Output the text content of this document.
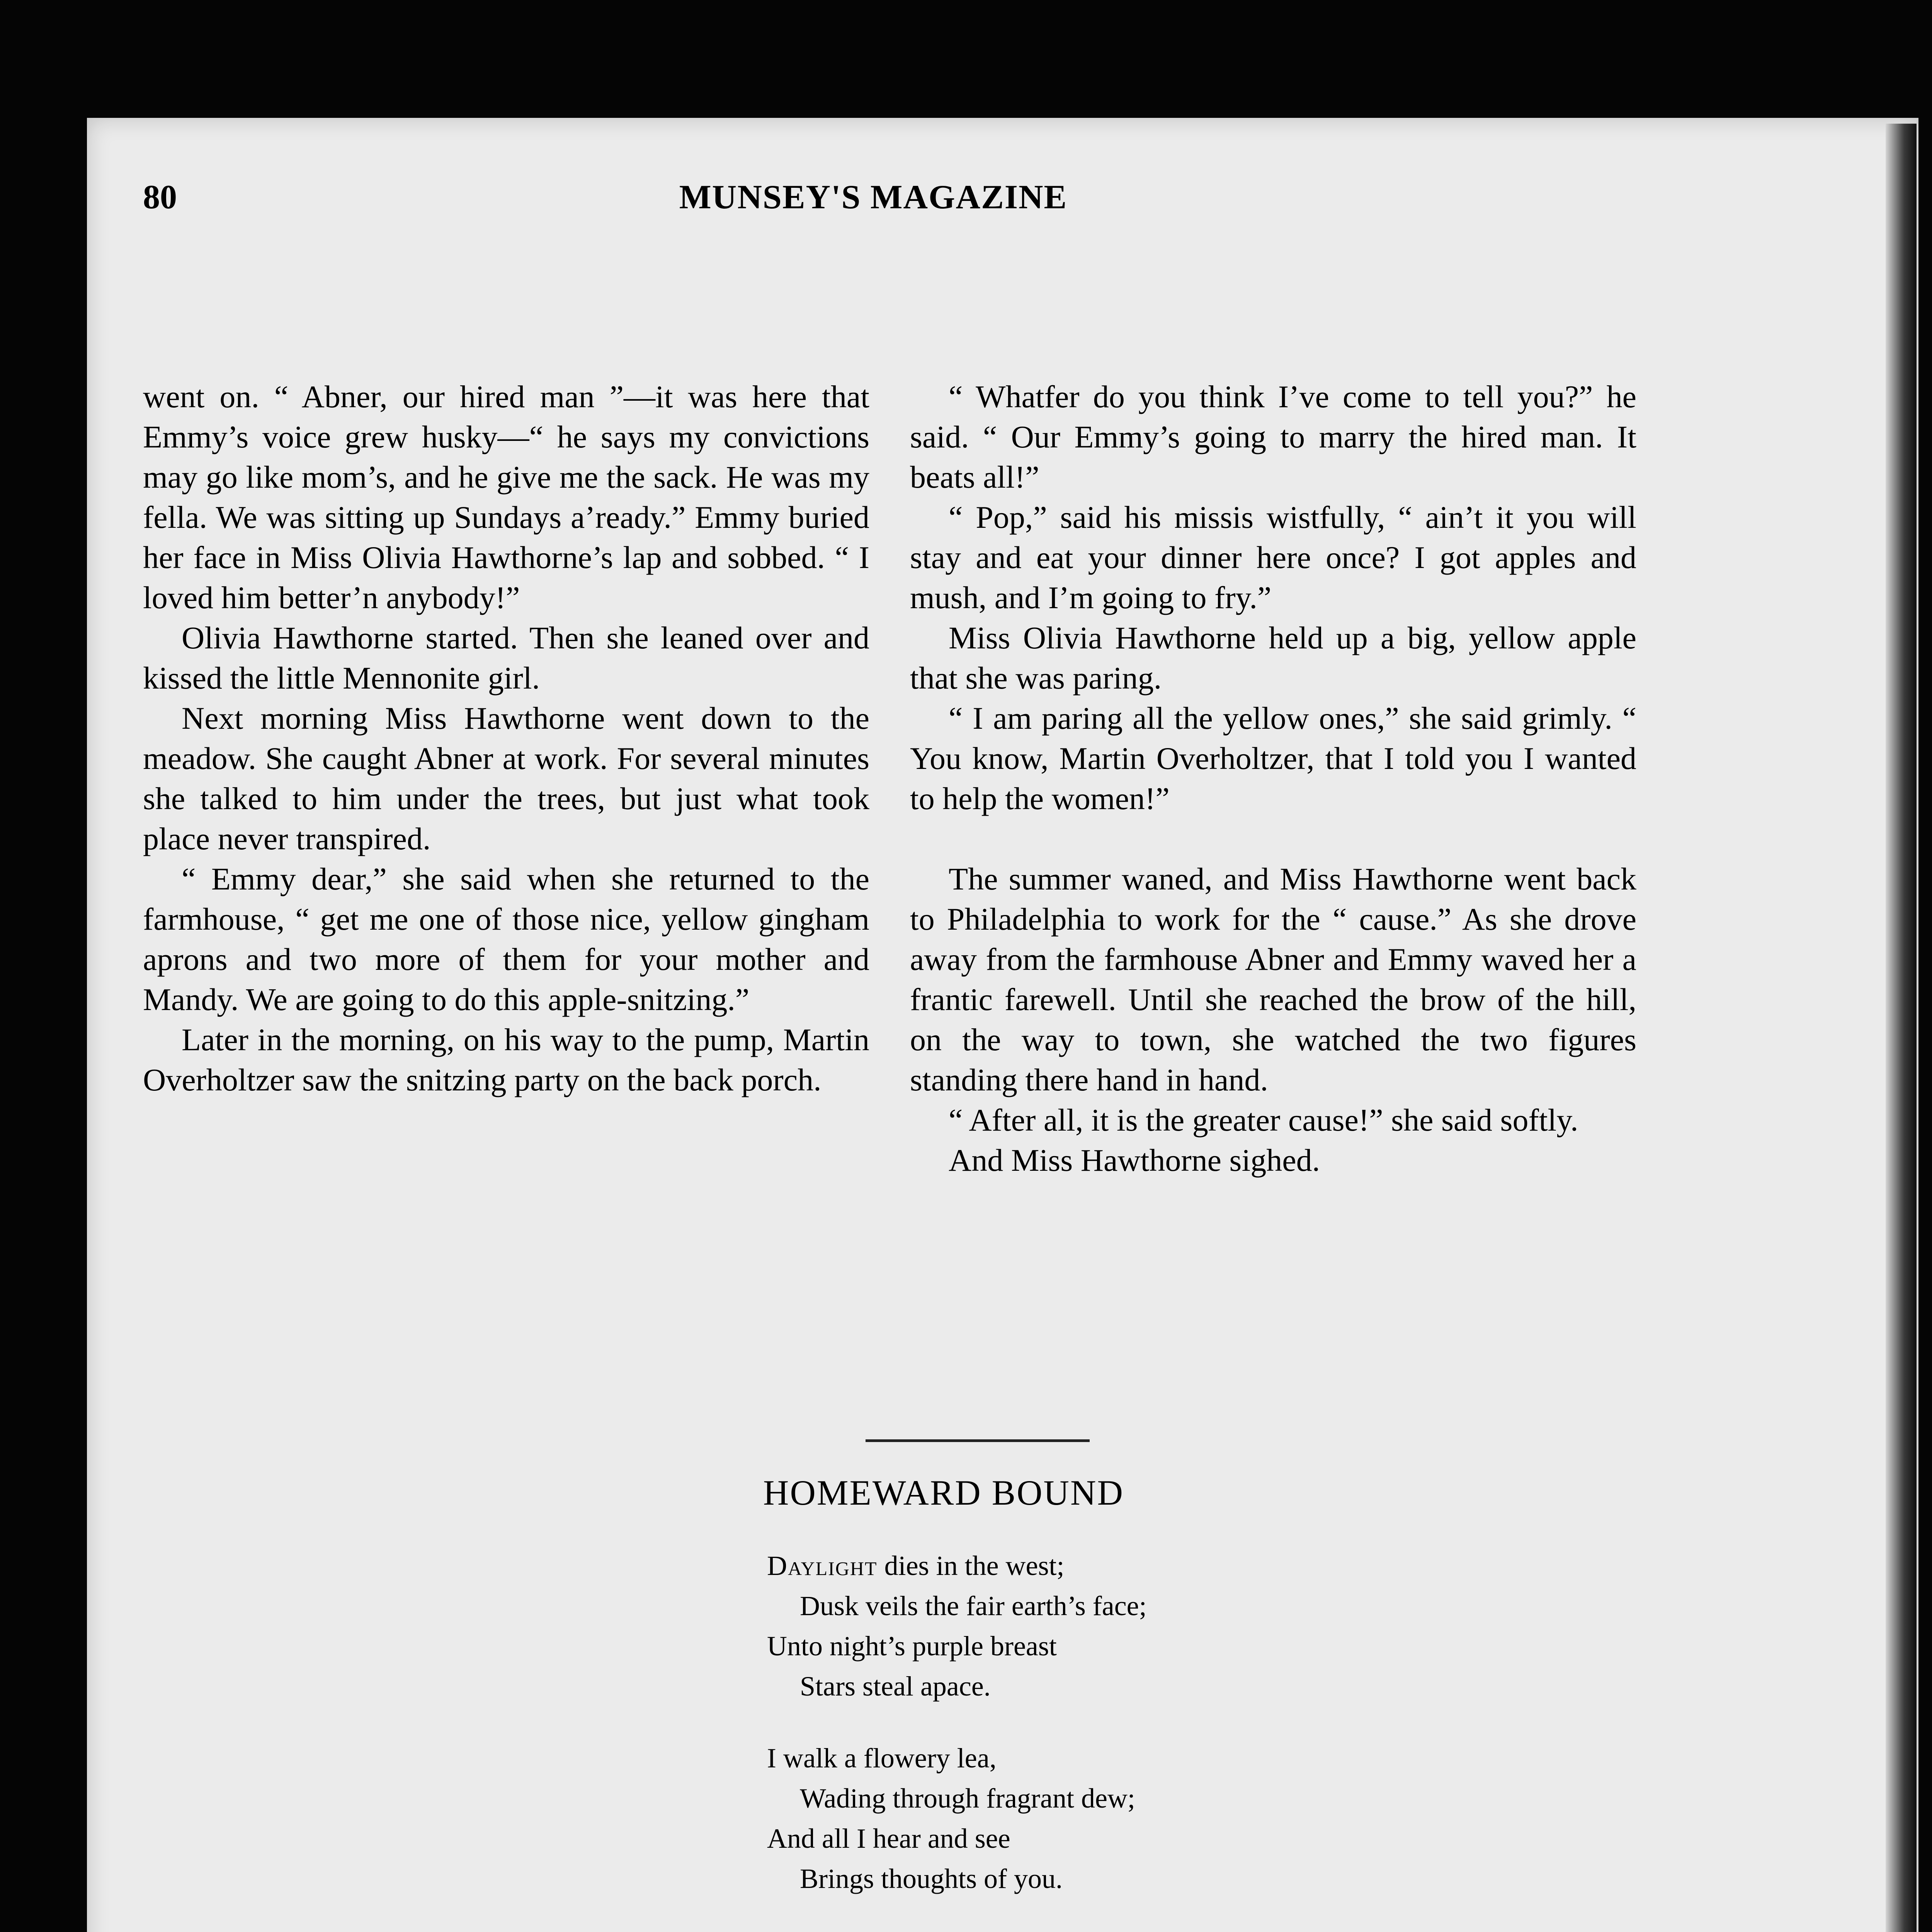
80	MUNSEY'S MAGAZINE

went on. “ Abner, our hired man ”—it was here that Emmy’s voice grew husky—“ he says my convictions may go like mom’s, and he give me the sack. He was my fella. We was sitting up Sundays a’ready.” Emmy buried her face in Miss Olivia Hawthorne’s lap and sobbed. “ I loved him better’n anybody!”

Olivia Hawthorne started. Then she leaned over and kissed the little Mennonite girl.

Next morning Miss Hawthorne went down to the meadow. She caught Abner at work. For several minutes she talked to him under the trees, but just what took place never transpired.

“ Emmy dear,” she said when she returned to the farmhouse, “ get me one of those nice, yellow gingham aprons and two more of them for your mother and Mandy. We are going to do this apple-snitzing.”

Later in the morning, on his way to the pump, Martin Overholtzer saw the snitzing party on the back porch.

“ Whatfer do you think I’ve come to tell you?” he said. “ Our Emmy’s going to marry the hired man. It beats all!”

“ Pop,” said his missis wistfully, “ ain’t it you will stay and eat your dinner here once? I got apples and mush, and I’m going to fry.”

Miss Olivia Hawthorne held up a big, yellow apple that she was paring.

“ I am paring all the yellow ones,” she said grimly. “ You know, Martin Overholtzer, that I told you I wanted to help the women!”

The summer waned, and Miss Hawthorne went back to Philadelphia to work for the “ cause.” As she drove away from the farmhouse Abner and Emmy waved her a frantic farewell. Until she reached the brow of the hill, on the way to town, she watched the two figures standing there hand in hand.

“ After all, it is the greater cause!” she said softly.

And Miss Hawthorne sighed.

HOMEWARD BOUND
Daylight dies in the west;
Dusk veils the fair earth’s face;
Unto night’s purple breast
Stars steal apace.
I walk a flowery lea,
Wading through fragrant dew;
And all I hear and see
Brings thoughts of you.
